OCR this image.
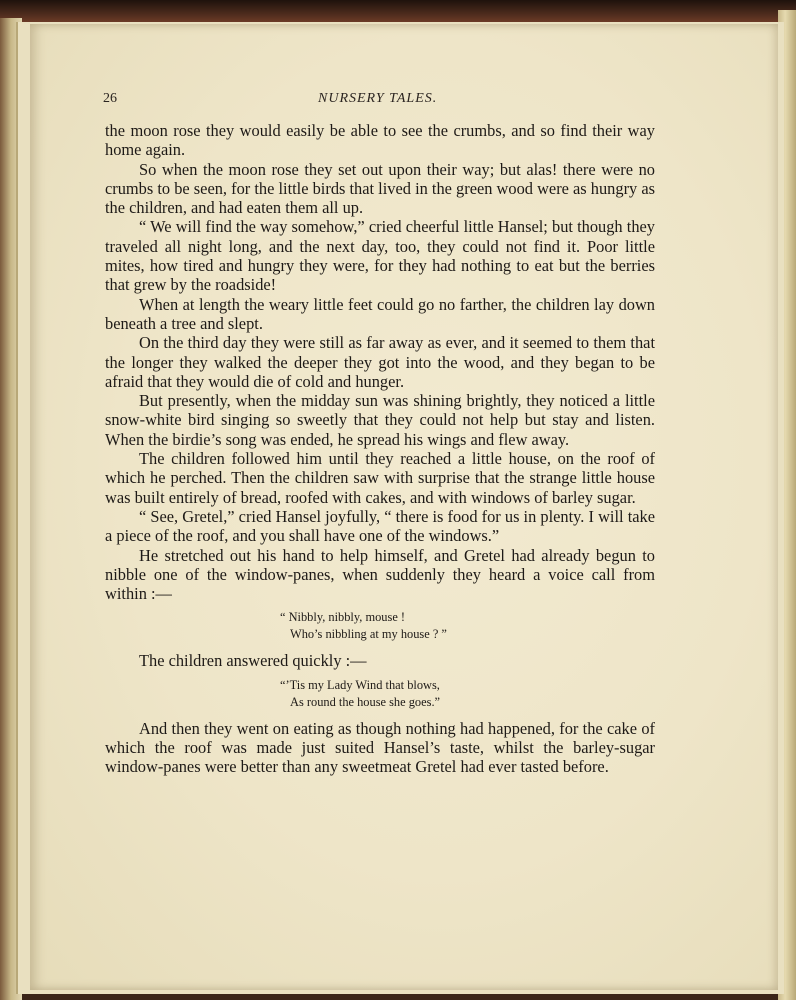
26	NURSERY TALES.

the moon rose they would easily be able to see the crumbs, and so find their way home again.

So when the moon rose they set out upon their way; but alas! there were no crumbs to be seen, for the little birds that lived in the green wood were as hungry as the children, and had eaten them all up.

“ We will find the way somehow,” cried cheerful little Hansel; but though they traveled all night long, and the next day, too, they could not find it. Poor little mites, how tired and hungry they were, for they had nothing to eat but the berries that grew by the roadside!

When at length the weary little feet could go no farther, the children lay down beneath a tree and slept.

On the third day they were still as far away as ever, and it seemed to them that the longer they walked the deeper they got into the wood, and they began to be afraid that they would die of cold and hunger.

But presently, when the midday sun was shining brightly, they noticed a little snow-white bird singing so sweetly that they could not help but stay and listen. When the birdie’s song was ended, he spread his wings and flew away.

The children followed him until they reached a little house, on the roof of which he perched. Then the children saw with surprise that the strange little house was built entirely of bread, roofed with cakes, and with windows of barley sugar.

“ See, Gretel,” cried Hansel joyfully, “ there is food for us in plenty. I will take a piece of the roof, and you shall have one of the windows.”

He stretched out his hand to help himself, and Gretel had already begun to nibble one of the window-panes, when suddenly they heard a voice call from within :—

“ Nibbly, nibbly, mouse !
Who’s nibbling at my house ? ”

The children answered quickly :—

“’Tis my Lady Wind that blows,
As round the house she goes.”

And then they went on eating as though nothing had happened, for the cake of which the roof was made just suited Hansel’s taste, whilst the barley-sugar window-panes were better than any sweetmeat Gretel had ever tasted before.
